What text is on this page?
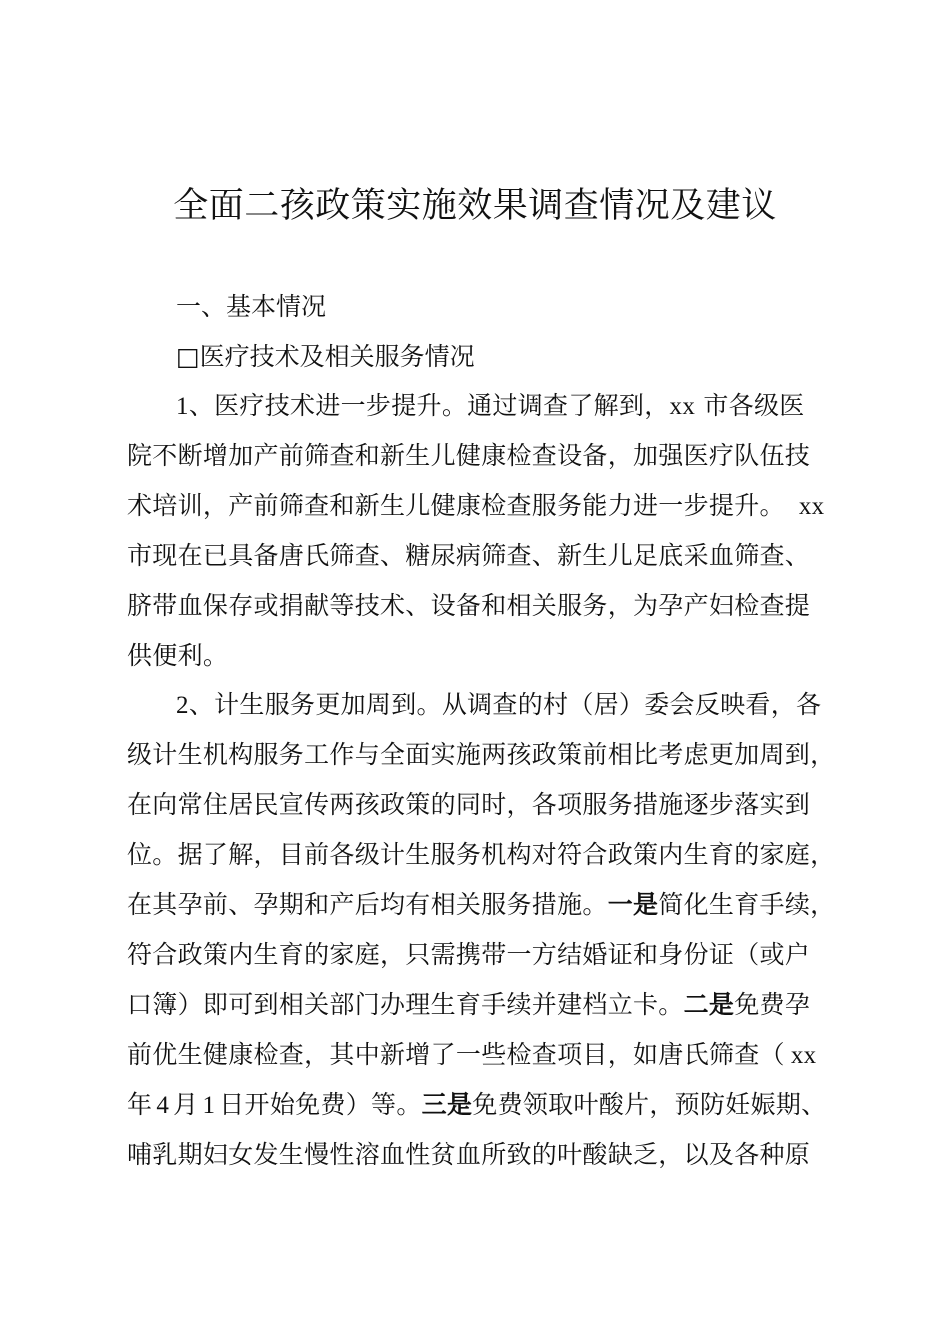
全面二孩政策实施效果调查情况及建议
一、基本情况
□医疗技术及相关服务情况
1、医疗技术进一步提升。通过调查了解到，xx 市各级医
院不断增加产前筛查和新生儿健康检查设备，加强医疗队伍技
术培训，产前筛查和新生儿健康检查服务能力进一步提升。 xx
市现在已具备唐氏筛查、糖尿病筛查、新生儿足底采血筛查、
脐带血保存或捐献等技术、设备和相关服务，为孕产妇检查提
供便利。
2、计生服务更加周到。从调查的村（居）委会反映看，各
级计生机构服务工作与全面实施两孩政策前相比考虑更加周到，
在向常住居民宣传两孩政策的同时，各项服务措施逐步落实到
位。据了解，目前各级计生服务机构对符合政策内生育的家庭，
在其孕前、孕期和产后均有相关服务措施。一是简化生育手续，
符合政策内生育的家庭，只需携带一方结婚证和身份证（或户
口簿）即可到相关部门办理生育手续并建档立卡。二是免费孕
前优生健康检查，其中新增了一些检查项目，如唐氏筛查（ xx
年 4 月 1 日开始免费）等。三是免费领取叶酸片，预防妊娠期、
哺乳期妇女发生慢性溶血性贫血所致的叶酸缺乏，以及各种原
